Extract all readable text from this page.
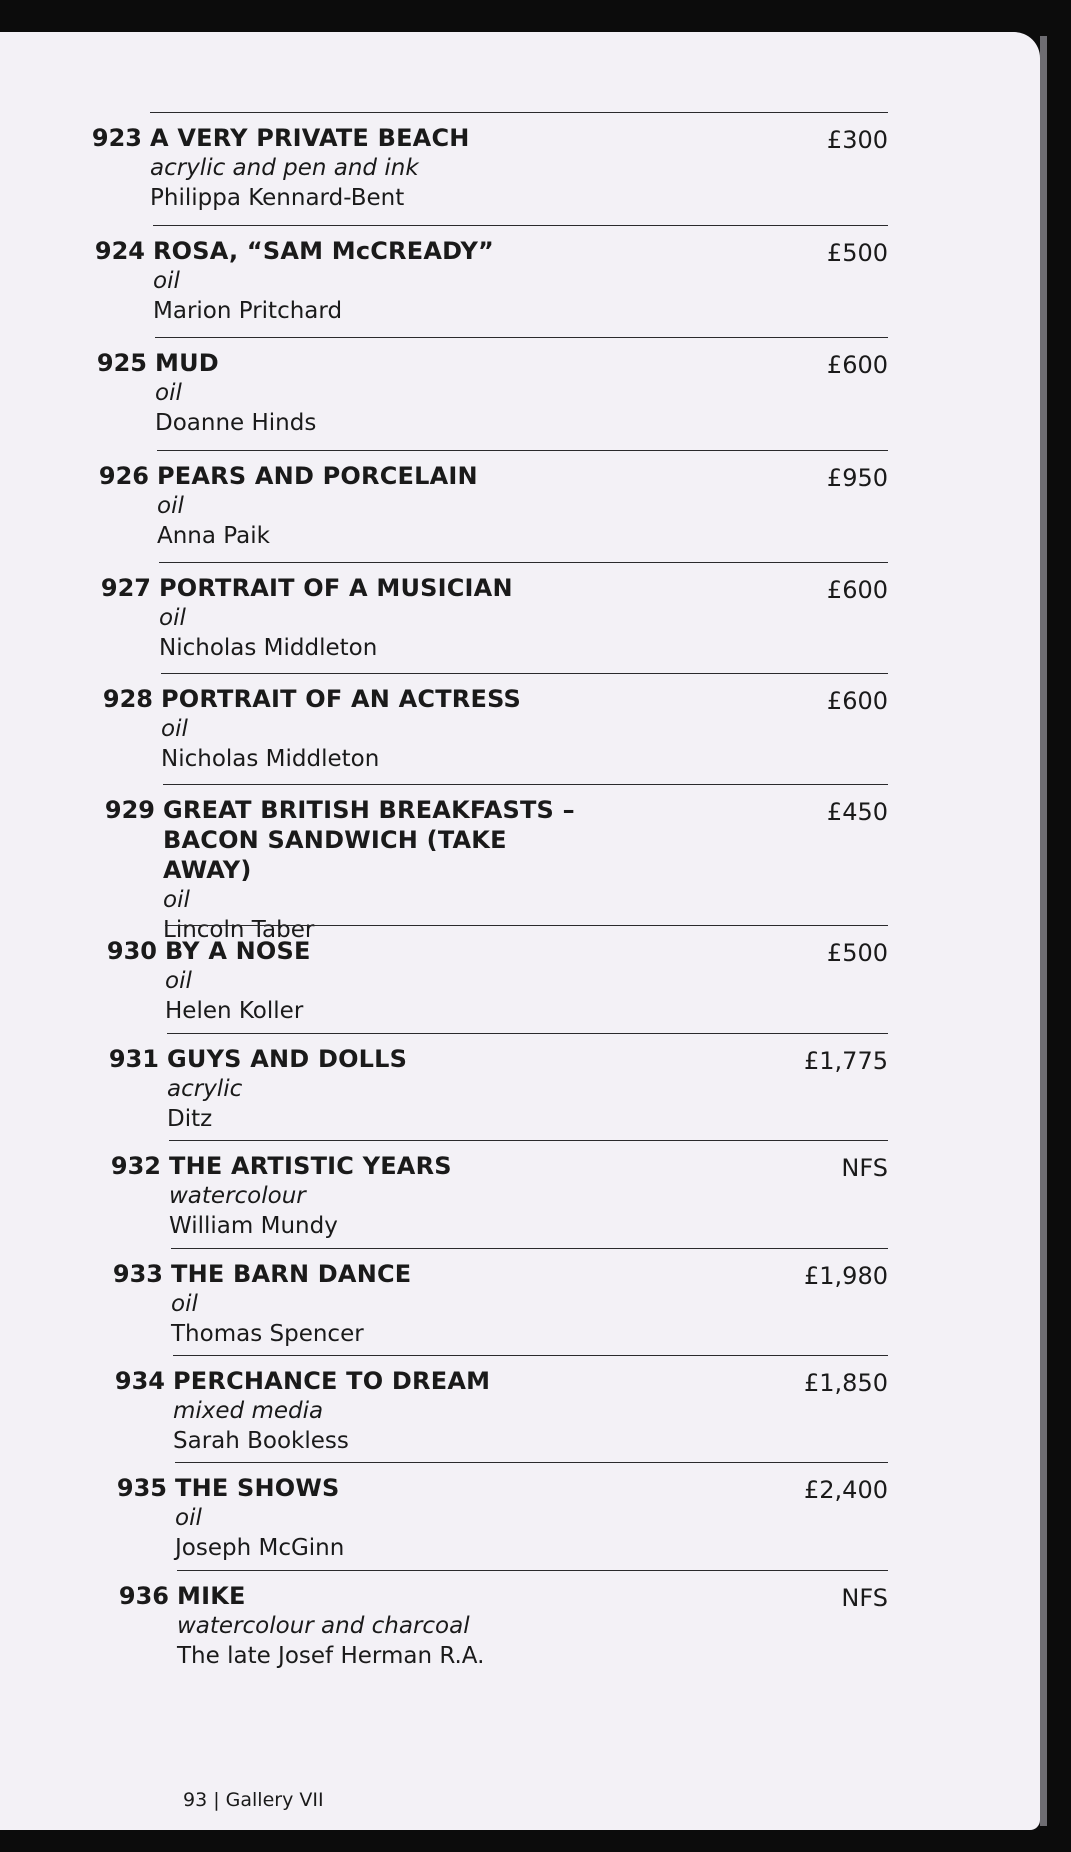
923 A VERY PRIVATE BEACH
acrylic and pen and ink
Philippa Kennard-Bent
£300
924 ROSA, “SAM McCREADY”
oil
Marion Pritchard
£500
925 MUD
oil
Doanne Hinds
£600
926 PEARS AND PORCELAIN
oil
Anna Paik
£950
927 PORTRAIT OF A MUSICIAN
oil
Nicholas Middleton
£600
928 PORTRAIT OF AN ACTRESS
oil
Nicholas Middleton
£600
929 GREAT BRITISH BREAKFASTS – BACON SANDWICH (TAKE AWAY)
oil
Lincoln Taber
£450
930 BY A NOSE
oil
Helen Koller
£500
931 GUYS AND DOLLS
acrylic
Ditz
£1,775
932 THE ARTISTIC YEARS
watercolour
William Mundy
NFS
933 THE BARN DANCE
oil
Thomas Spencer
£1,980
934 PERCHANCE TO DREAM
mixed media
Sarah Bookless
£1,850
935 THE SHOWS
oil
Joseph McGinn
£2,400
936 MIKE
watercolour and charcoal
The late Josef Herman R.A.
NFS
93 | Gallery VII
